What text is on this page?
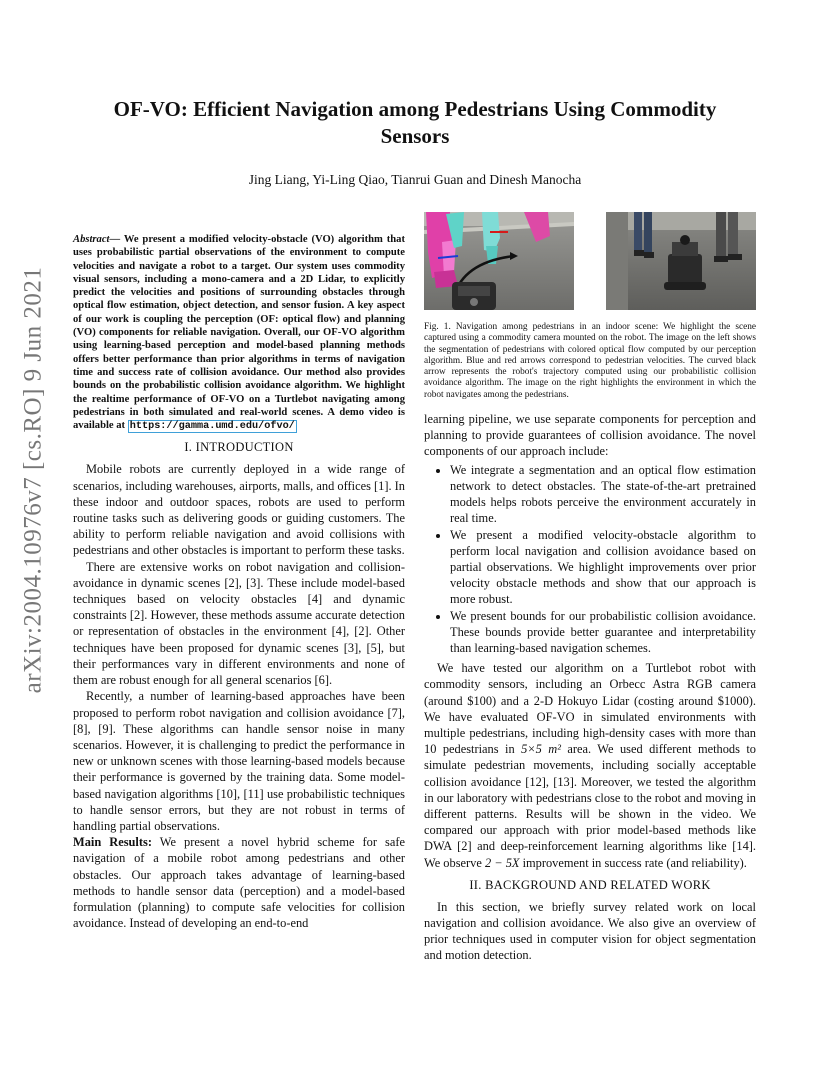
arXiv:2004.10976v7 [cs.RO] 9 Jun 2021
OF-VO: Efficient Navigation among Pedestrians Using Commodity Sensors

Jing Liang, Yi-Ling Qiao, Tianrui Guan and Dinesh Manocha

Abstract— We present a modified velocity-obstacle (VO) algorithm that uses probabilistic partial observations of the environment to compute velocities and navigate a robot to a target. Our system uses commodity visual sensors, including a mono-camera and a 2D Lidar, to explicitly predict the velocities and positions of surrounding obstacles through optical flow estimation, object detection, and sensor fusion. A key aspect of our work is coupling the perception (OF: optical flow) and planning (VO) components for reliable navigation. Overall, our OF-VO algorithm using learning-based perception and model-based planning methods offers better performance than prior algorithms in terms of navigation time and success rate of collision avoidance. Our method also provides bounds on the probabilistic collision avoidance algorithm. We highlight the realtime performance of OF-VO on a Turtlebot navigating among pedestrians in both simulated and real-world scenes. A demo video is available at https://gamma.umd.edu/ofvo/

I. INTRODUCTION

Mobile robots are currently deployed in a wide range of scenarios, including warehouses, airports, malls, and offices [1]. In these indoor and outdoor spaces, robots are used to perform routine tasks such as delivering goods or guiding customers. The ability to perform reliable navigation and avoid collisions with pedestrians and other obstacles is important to perform these tasks.

There are extensive works on robot navigation and collision-avoidance in dynamic scenes [2], [3]. These include model-based techniques based on velocity obstacles [4] and dynamic constraints [2]. However, these methods assume accurate detection or representation of obstacles in the environment [4], [2]. Other techniques have been proposed for dynamic scenes [3], [5], but their performances vary in different environments and none of them are robust enough for all general scenarios [6].

Recently, a number of learning-based approaches have been proposed to perform robot navigation and collision avoidance [7], [8], [9]. These algorithms can handle sensor noise in many scenarios. However, it is challenging to predict the performance in new or unknown scenes with those learning-based models because their performance is governed by the training data. Some model-based navigation algorithms [10], [11] use probabilistic techniques to handle sensor errors, but they are not robust in terms of handling partial observations.

Main Results: We present a novel hybrid scheme for safe navigation of a mobile robot among pedestrians and other obstacles. Our approach takes advantage of learning-based methods to handle sensor data (perception) and a model-based formulation (planning) to compute safe velocities for collision avoidance. Instead of developing an end-to-end

Fig. 1. Navigation among pedestrians in an indoor scene: We highlight the scene captured using a commodity camera mounted on the robot. The image on the left shows the segmentation of pedestrians with colored optical flow computed by our perception algorithm. Blue and red arrows correspond to pedestrian velocities. The curved black arrow represents the robot's trajectory computed using our probabilistic collision avoidance algorithm. The image on the right highlights the environment in which the robot navigates among the pedestrians.

learning pipeline, we use separate components for perception and planning to provide guarantees of collision avoidance. The novel components of our approach include:

• We integrate a segmentation and an optical flow estimation network to detect obstacles. The state-of-the-art pretrained models helps robots perceive the environment accurately in real time.
• We present a modified velocity-obstacle algorithm to perform local navigation and collision avoidance based on partial observations. We highlight improvements over prior velocity obstacle methods and show that our approach is more robust.
• We present bounds for our probabilistic collision avoidance. These bounds provide better guarantee and interpretability than learning-based navigation schemes.

We have tested our algorithm on a Turtlebot robot with commodity sensors, including an Orbecc Astra RGB camera (around $100) and a 2-D Hokuyo Lidar (costing around $1000). We have evaluated OF-VO in simulated environments with multiple pedestrians, including high-density cases with more than 10 pedestrians in 5×5 m² area. We used different methods to simulate pedestrian movements, including socially acceptable collision avoidance [12], [13]. Moreover, we tested the algorithm in our laboratory with pedestrians close to the robot and moving in different patterns. Results will be shown in the video. We compared our approach with prior model-based methods like DWA [2] and deep-reinforcement learning algorithms like [14]. We observe 2 − 5X improvement in success rate (and reliability).

II. BACKGROUND AND RELATED WORK

In this section, we briefly survey related work on local navigation and collision avoidance. We also give an overview of prior techniques used in computer vision for object segmentation and motion detection.
